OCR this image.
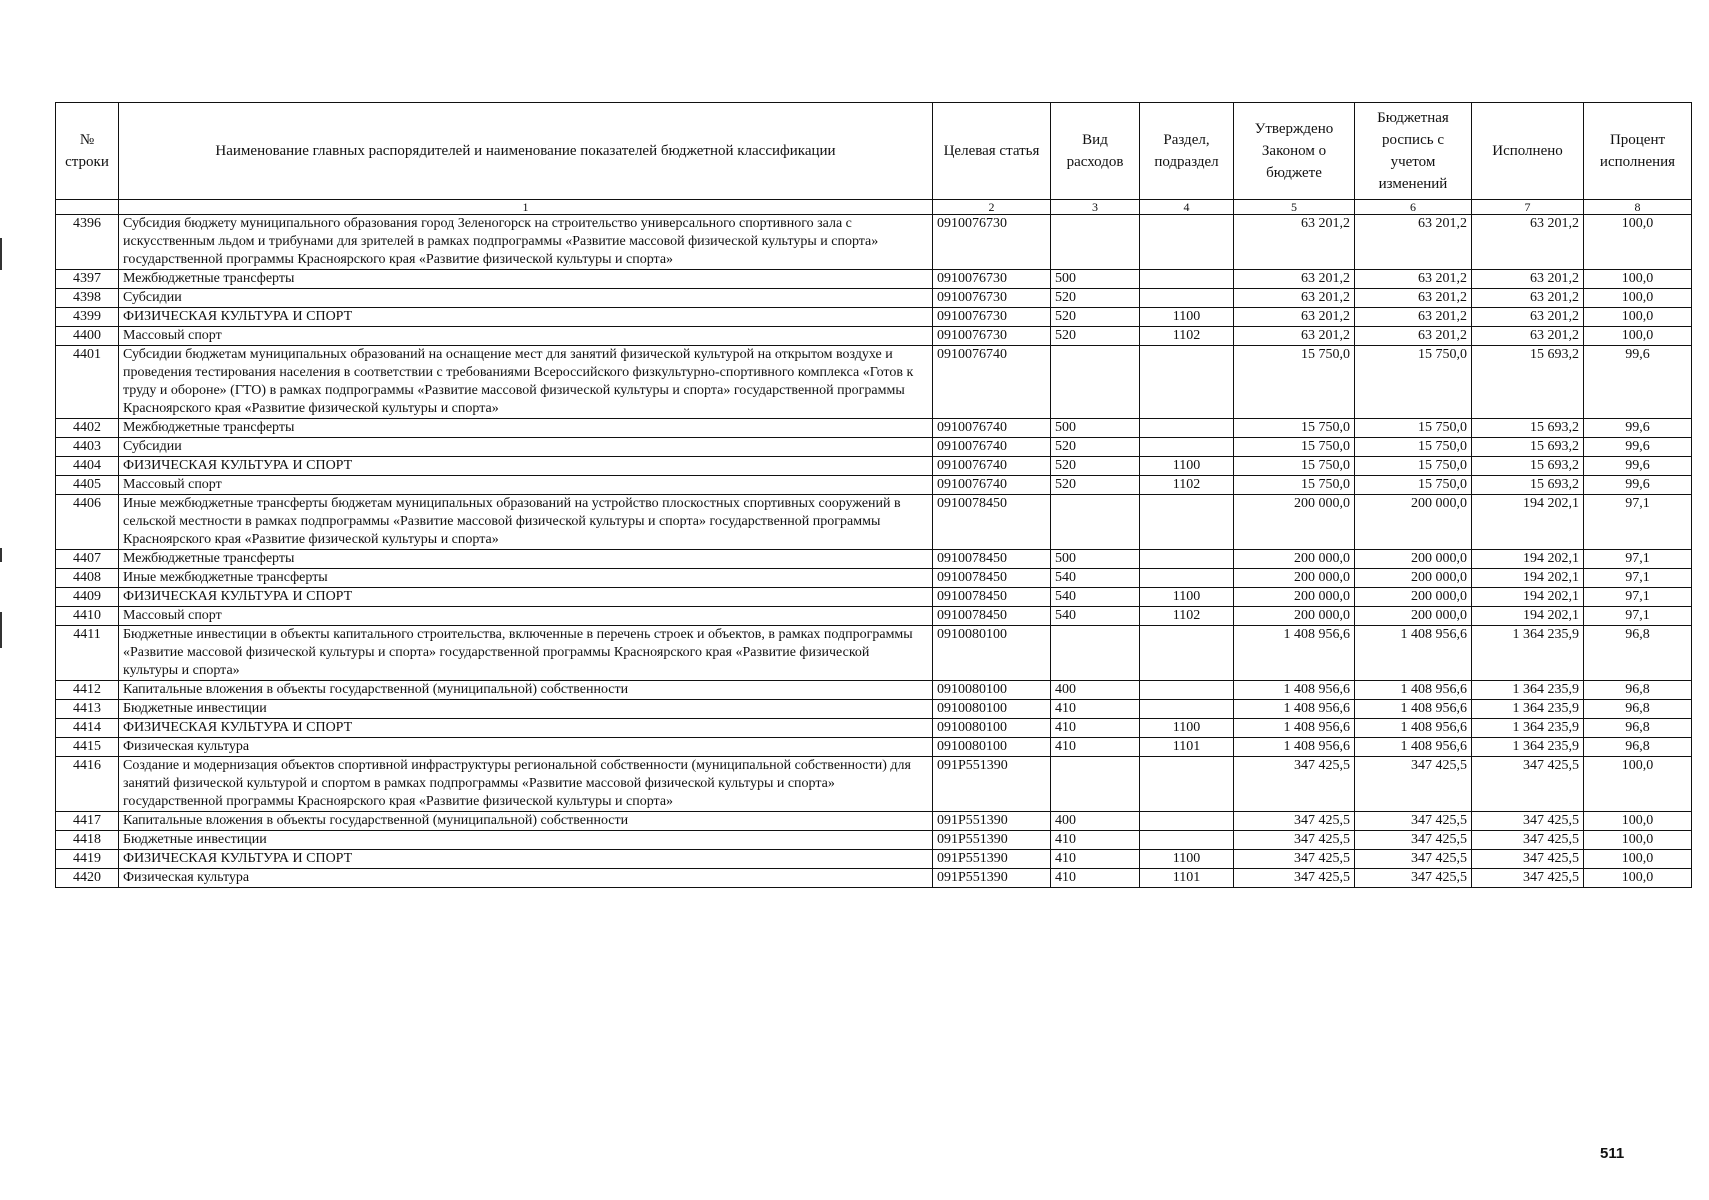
№ строки	Наименование главных распорядителей и наименование показателей бюджетной классификации	Целевая статья	Вид расходов	Раздел, подраздел	Утверждено Законом о бюджете	Бюджетная роспись с учетом изменений	Исполнено	Процент исполнения
	1	2	3	4	5	6	7	8
4396	Субсидия бюджету муниципального образования город Зеленогорск на строительство универсального спортивного зала с искусственным льдом и трибунами для зрителей в рамках подпрограммы «Развитие массовой физической культуры и спорта» государственной программы Красноярского края «Развитие физической культуры и спорта»	0910076730			63 201,2	63 201,2	63 201,2	100,0
4397	Межбюджетные трансферты	0910076730	500		63 201,2	63 201,2	63 201,2	100,0
4398	Субсидии	0910076730	520		63 201,2	63 201,2	63 201,2	100,0
4399	ФИЗИЧЕСКАЯ КУЛЬТУРА И СПОРТ	0910076730	520	1100	63 201,2	63 201,2	63 201,2	100,0
4400	Массовый спорт	0910076730	520	1102	63 201,2	63 201,2	63 201,2	100,0
4401	Субсидии бюджетам муниципальных образований на оснащение мест для занятий физической культурой на открытом воздухе и проведения тестирования населения в соответствии с требованиями Всероссийского физкультурно-спортивного комплекса «Готов к труду и обороне» (ГТО) в рамках подпрограммы «Развитие массовой физической культуры и спорта» государственной программы Красноярского края «Развитие физической культуры и спорта»	0910076740			15 750,0	15 750,0	15 693,2	99,6
4402	Межбюджетные трансферты	0910076740	500		15 750,0	15 750,0	15 693,2	99,6
4403	Субсидии	0910076740	520		15 750,0	15 750,0	15 693,2	99,6
4404	ФИЗИЧЕСКАЯ КУЛЬТУРА И СПОРТ	0910076740	520	1100	15 750,0	15 750,0	15 693,2	99,6
4405	Массовый спорт	0910076740	520	1102	15 750,0	15 750,0	15 693,2	99,6
4406	Иные межбюджетные трансферты бюджетам муниципальных образований на устройство плоскостных спортивных сооружений в сельской местности в рамках подпрограммы «Развитие массовой физической культуры и спорта» государственной программы Красноярского края «Развитие физической культуры и спорта»	0910078450			200 000,0	200 000,0	194 202,1	97,1
4407	Межбюджетные трансферты	0910078450	500		200 000,0	200 000,0	194 202,1	97,1
4408	Иные межбюджетные трансферты	0910078450	540		200 000,0	200 000,0	194 202,1	97,1
4409	ФИЗИЧЕСКАЯ КУЛЬТУРА И СПОРТ	0910078450	540	1100	200 000,0	200 000,0	194 202,1	97,1
4410	Массовый спорт	0910078450	540	1102	200 000,0	200 000,0	194 202,1	97,1
4411	Бюджетные инвестиции в объекты капитального строительства, включенные в перечень строек и объектов, в рамках подпрограммы «Развитие массовой физической культуры и спорта» государственной программы Красноярского края «Развитие физической культуры и спорта»	0910080100			1 408 956,6	1 408 956,6	1 364 235,9	96,8
4412	Капитальные вложения в объекты государственной (муниципальной) собственности	0910080100	400		1 408 956,6	1 408 956,6	1 364 235,9	96,8
4413	Бюджетные инвестиции	0910080100	410		1 408 956,6	1 408 956,6	1 364 235,9	96,8
4414	ФИЗИЧЕСКАЯ КУЛЬТУРА И СПОРТ	0910080100	410	1100	1 408 956,6	1 408 956,6	1 364 235,9	96,8
4415	Физическая культура	0910080100	410	1101	1 408 956,6	1 408 956,6	1 364 235,9	96,8
4416	Создание и модернизация объектов спортивной инфраструктуры региональной собственности (муниципальной собственности) для занятий физической культурой и спортом в рамках подпрограммы «Развитие массовой физической культуры и спорта» государственной программы Красноярского края «Развитие физической культуры и спорта»	091P551390			347 425,5	347 425,5	347 425,5	100,0
4417	Капитальные вложения в объекты государственной (муниципальной) собственности	091P551390	400		347 425,5	347 425,5	347 425,5	100,0
4418	Бюджетные инвестиции	091P551390	410		347 425,5	347 425,5	347 425,5	100,0
4419	ФИЗИЧЕСКАЯ КУЛЬТУРА И СПОРТ	091P551390	410	1100	347 425,5	347 425,5	347 425,5	100,0
4420	Физическая культура	091P551390	410	1101	347 425,5	347 425,5	347 425,5	100,0
511
